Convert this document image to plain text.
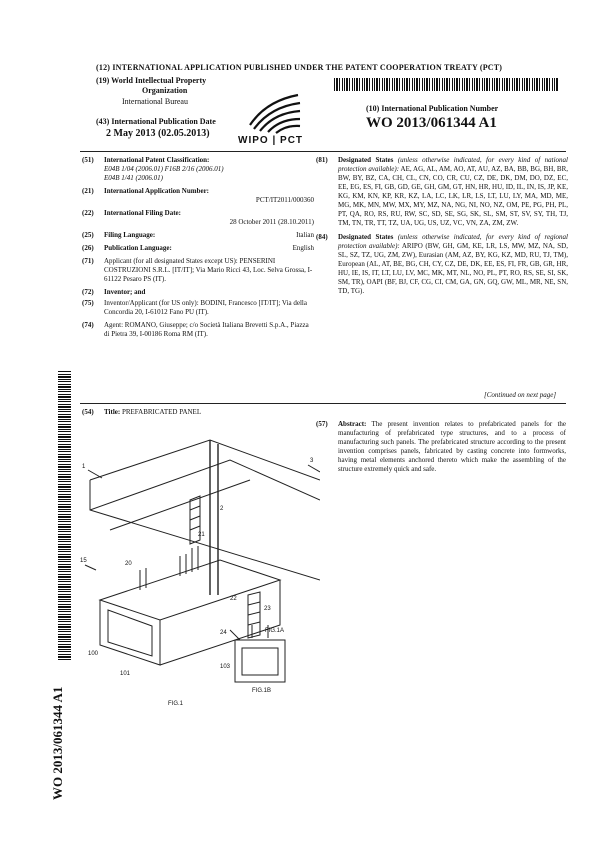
(12) INTERNATIONAL APPLICATION PUBLISHED UNDER THE PATENT COOPERATION TREATY (PCT)
(19) World Intellectual Property
Organization
International Bureau
(43) International Publication Date
2 May 2013 (02.05.2013)
(10) International Publication Number
WO 2013/061344 A1
WIPO | PCT
(51) International Patent Classification:
E04B 1/04 (2006.01) F16B 2/16 (2006.01)
E04B 1/41 (2006.01)
(21) International Application Number:
PCT/IT2011/000360
(22) International Filing Date:
28 October 2011 (28.10.2011)
(25) Filing Language:	Italian
(26) Publication Language:	English
(71)	Applicant (for all designated States except US): PENSERINI COSTRUZIONI S.R.L. [IT/IT]; Via Mario Ricci 43, Loc. Selva Grossa, I-61122 Pesaro PS (IT).
(72)	Inventor; and
(75)	Inventor/Applicant (for US only): BODINI, Francesco [IT/IT]; Via della Concordia 20, I-61012 Fano PU (IT).
(74)	Agent: ROMANO, Giuseppe; c/o Società Italiana Brevetti S.p.A., Piazza di Pietra 39, I-00186 Roma RM (IT).
(81)	Designated States (unless otherwise indicated, for every kind of national protection available): AE, AG, AL, AM, AO, AT, AU, AZ, BA, BB, BG, BH, BR, BW, BY, BZ, CA, CH, CL, CN, CO, CR, CU, CZ, DE, DK, DM, DO, DZ, EC, EE, EG, ES, FI, GB, GD, GE, GH, GM, GT, HN, HR, HU, ID, IL, IN, IS, JP, KE, KG, KM, KN, KP, KR, KZ, LA, LC, LK, LR, LS, LT, LU, LY, MA, MD, ME, MG, MK, MN, MW, MX, MY, MZ, NA, NG, NI, NO, NZ, OM, PE, PG, PH, PL, PT, QA, RO, RS, RU, RW, SC, SD, SE, SG, SK, SL, SM, ST, SV, SY, TH, TJ, TM, TN, TR, TT, TZ, UA, UG, US, UZ, VC, VN, ZA, ZM, ZW.
(84)	Designated States (unless otherwise indicated, for every kind of regional protection available): ARIPO (BW, GH, GM, KE, LR, LS, MW, MZ, NA, SD, SL, SZ, TZ, UG, ZM, ZW), Eurasian (AM, AZ, BY, KG, KZ, MD, RU, TJ, TM), European (AL, AT, BE, BG, CH, CY, CZ, DE, DK, EE, ES, FI, FR, GB, GR, HR, HU, IE, IS, IT, LT, LU, LV, MC, MK, MT, NL, NO, PL, PT, RO, RS, SE, SI, SK, SM, TR), OAPI (BF, BJ, CF, CG, CI, CM, GA, GN, GQ, GW, ML, MR, NE, SN, TD, TG).
[Continued on next page]
(54) Title: PREFABRICATED PANEL
(57)	Abstract: The present invention relates to prefabricated panels for the manufacturing of prefabricated type structures, and to a process of manufacturing such panels. The prefabricated structure according to the present invention comprises panels, fabricated by casting concrete into formworks, having metal elements anchored thereto which make the assembling of the structure extremely quick and safe.
WO 2013/061344 A1
1
2
3
15	20
21
22
23
24
100
101
103
FIG.1A
FIG.1B
FIG.1
